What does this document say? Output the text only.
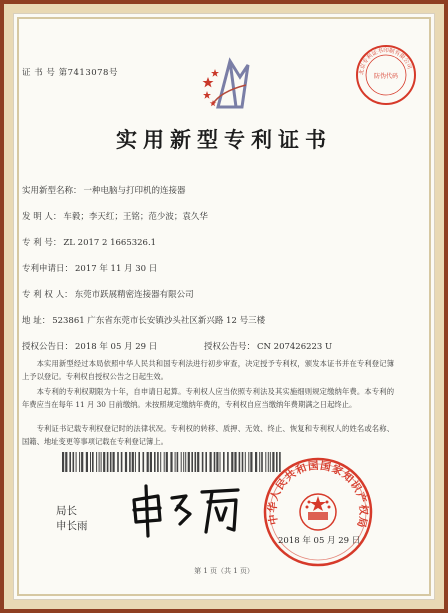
证 书 号 第7413078号	北京专利证书印制有限公司
防伪代码
实用新型专利证书
实用新型名称： 一种电脑与打印机的连接器
发 明 人： 车毅；李天红；王铭；范少波；袁久华
专 利 号： ZL 2017 2 1665326.1
专利申请日： 2017 年 11 月 30 日
专 利 权 人： 东莞市跃展精密连接器有限公司
地 址： 523861 广东省东莞市长安镇沙头社区新兴路 12 号三楼
授权公告日： 2018 年 05 月 29 日	授权公告号： CN 207426223 U
本实用新型经过本局依照中华人民共和国专利法进行初步审查，决定授予专利权，颁发本证书并在专利登记簿上予以登记。专利权自授权公告之日起生效。
本专利的专利权期限为十年，自申请日起算。专利权人应当依照专利法及其实施细则规定缴纳年费。本专利的年费应当在每年 11 月 30 日前缴纳。未按照规定缴纳年费的，专利权自应当缴纳年费期满之日起终止。
专利证书记载专利权登记时的法律状况。专利权的转移、质押、无效、终止、恢复和专利权人的姓名或名称、国籍、地址变更等事项记载在专利登记簿上。
局长
申长雨
中华人民共和国国家知识产权局
2018 年 05 月 29 日
第 1 页（共 1 页）
